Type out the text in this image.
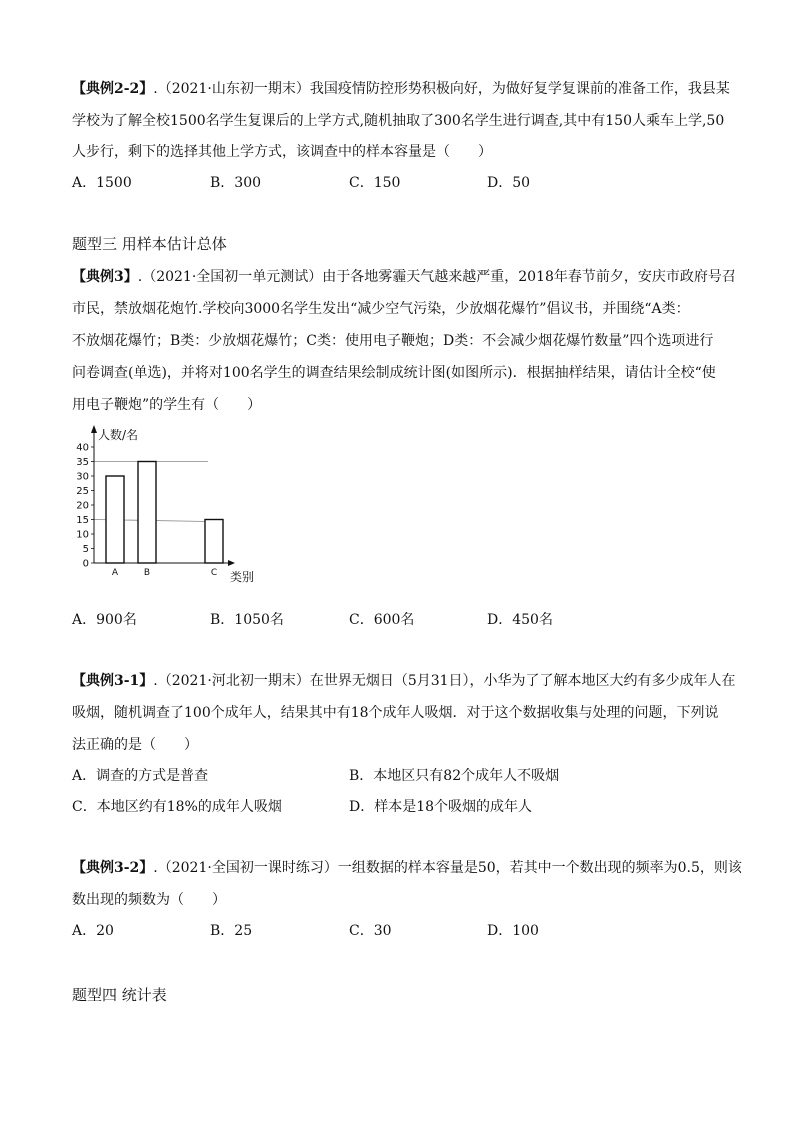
【典例2-2】.（2021·山东初一期末）我国疫情防控形势积极向好，为做好复学复课前的准备工作，我县某
学校为了解全校1500名学生复课后的上学方式,随机抽取了300名学生进行调查,其中有150人乘车上学,50
人步行，剩下的选择其他上学方式，该调查中的样本容量是（　　）
A．1500	B．300	C．150	D．50
题型三 用样本估计总体
【典例3】.（2021·全国初一单元测试）由于各地雾霾天气越来越严重，2018年春节前夕，安庆市政府号召
市民，禁放烟花炮竹.学校向3000名学生发出“减少空气污染，少放烟花爆竹”倡议书，并围绕“A类：
不放烟花爆竹；B类：少放烟花爆竹；C类：使用电子鞭炮；D类：不会减少烟花爆竹数量”四个选项进行
问卷调查(单选)，并将对100名学生的调查结果绘制成统计图(如图所示)．根据抽样结果，请估计全校“使
用电子鞭炮”的学生有（　　）
0
5
10
15
20
25
30
35
40
A	B	C
人数/名
类别
A．900名	B．1050名	C．600名	D．450名
【典例3-1】.（2021·河北初一期末）在世界无烟日（5月31日），小华为了了解本地区大约有多少成年人在
吸烟，随机调查了100个成年人，结果其中有18个成年人吸烟．对于这个数据收集与处理的问题，下列说
法正确的是（　　）
A．调查的方式是普查	B．本地区只有82个成年人不吸烟
C．本地区约有18%的成年人吸烟	D．样本是18个吸烟的成年人
【典例3-2】.（2021·全国初一课时练习）一组数据的样本容量是50，若其中一个数出现的频率为0.5，则该
数出现的频数为（　　）
A．20	B．25	C．30	D．100
题型四 统计表
